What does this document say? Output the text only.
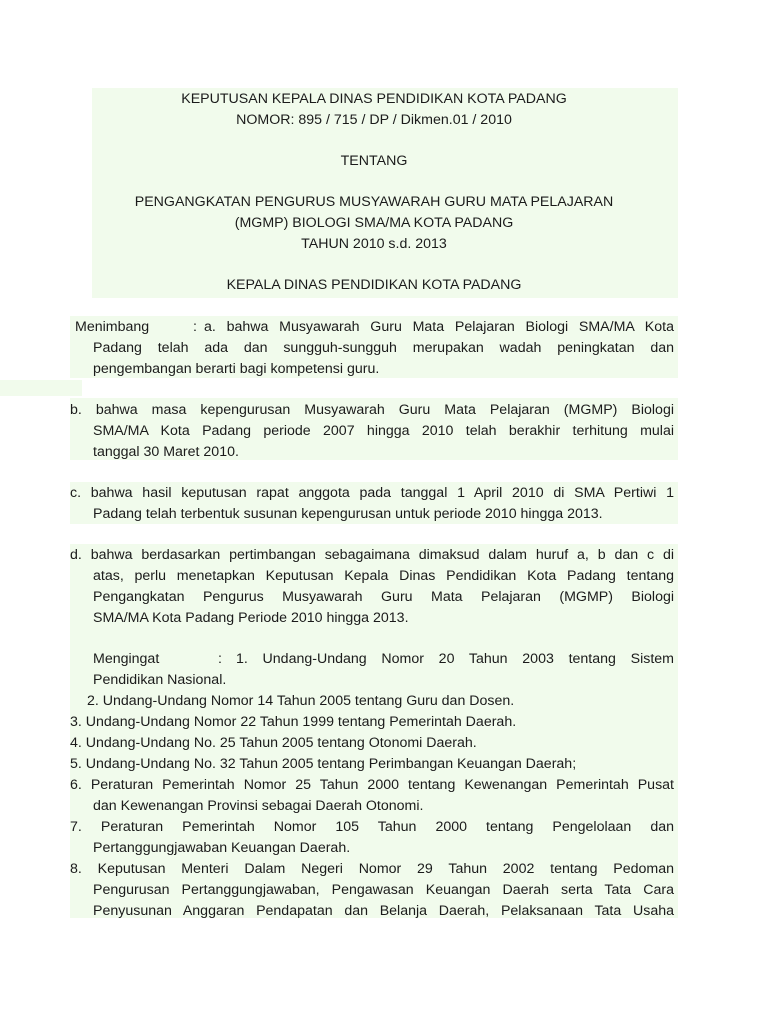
KEPUTUSAN KEPALA DINAS PENDIDIKAN KOTA PADANG
NOMOR: 895 / 715 / DP / Dikmen.01 / 2010
TENTANG
PENGANGKATAN PENGURUS MUSYAWARAH GURU MATA PELAJARAN
(MGMP) BIOLOGI SMA/MA KOTA PADANG
TAHUN 2010 s.d. 2013
KEPALA DINAS PENDIDIKAN KOTA PADANG
Menimbang	: a. bahwa Musyawarah Guru Mata Pelajaran Biologi SMA/MA Kota
Padang telah ada dan sungguh-sungguh merupakan wadah peningkatan dan
pengembangan berarti bagi kompetensi guru.
b. bahwa masa kepengurusan Musyawarah Guru Mata Pelajaran (MGMP) Biologi
SMA/MA Kota Padang periode 2007 hingga 2010 telah berakhir terhitung mulai
tanggal 30 Maret 2010.
c. bahwa hasil keputusan rapat anggota pada tanggal 1 April 2010 di SMA Pertiwi 1
Padang telah terbentuk susunan kepengurusan untuk periode 2010 hingga 2013.
d. bahwa berdasarkan pertimbangan sebagaimana dimaksud dalam huruf a, b dan c di
atas, perlu menetapkan Keputusan Kepala Dinas Pendidikan Kota Padang tentang
Pengangkatan Pengurus Musyawarah Guru Mata Pelajaran (MGMP) Biologi
SMA/MA Kota Padang Periode 2010 hingga 2013.
Mengingat	: 1. Undang-Undang Nomor 20 Tahun 2003 tentang Sistem
Pendidikan Nasional.
2. Undang-Undang Nomor 14 Tahun 2005 tentang Guru dan Dosen.
3. Undang-Undang Nomor 22 Tahun 1999 tentang Pemerintah Daerah.
4. Undang-Undang No. 25 Tahun 2005 tentang Otonomi Daerah.
5. Undang-Undang No. 32 Tahun 2005 tentang Perimbangan Keuangan Daerah;
6. Peraturan Pemerintah Nomor 25 Tahun 2000 tentang Kewenangan Pemerintah Pusat
dan Kewenangan Provinsi sebagai Daerah Otonomi.
7. Peraturan Pemerintah Nomor 105 Tahun 2000 tentang Pengelolaan dan
Pertanggungjawaban Keuangan Daerah.
8. Keputusan Menteri Dalam Negeri Nomor 29 Tahun 2002 tentang Pedoman
Pengurusan Pertanggungjawaban, Pengawasan Keuangan Daerah serta Tata Cara
Penyusunan Anggaran Pendapatan dan Belanja Daerah, Pelaksanaan Tata Usaha
